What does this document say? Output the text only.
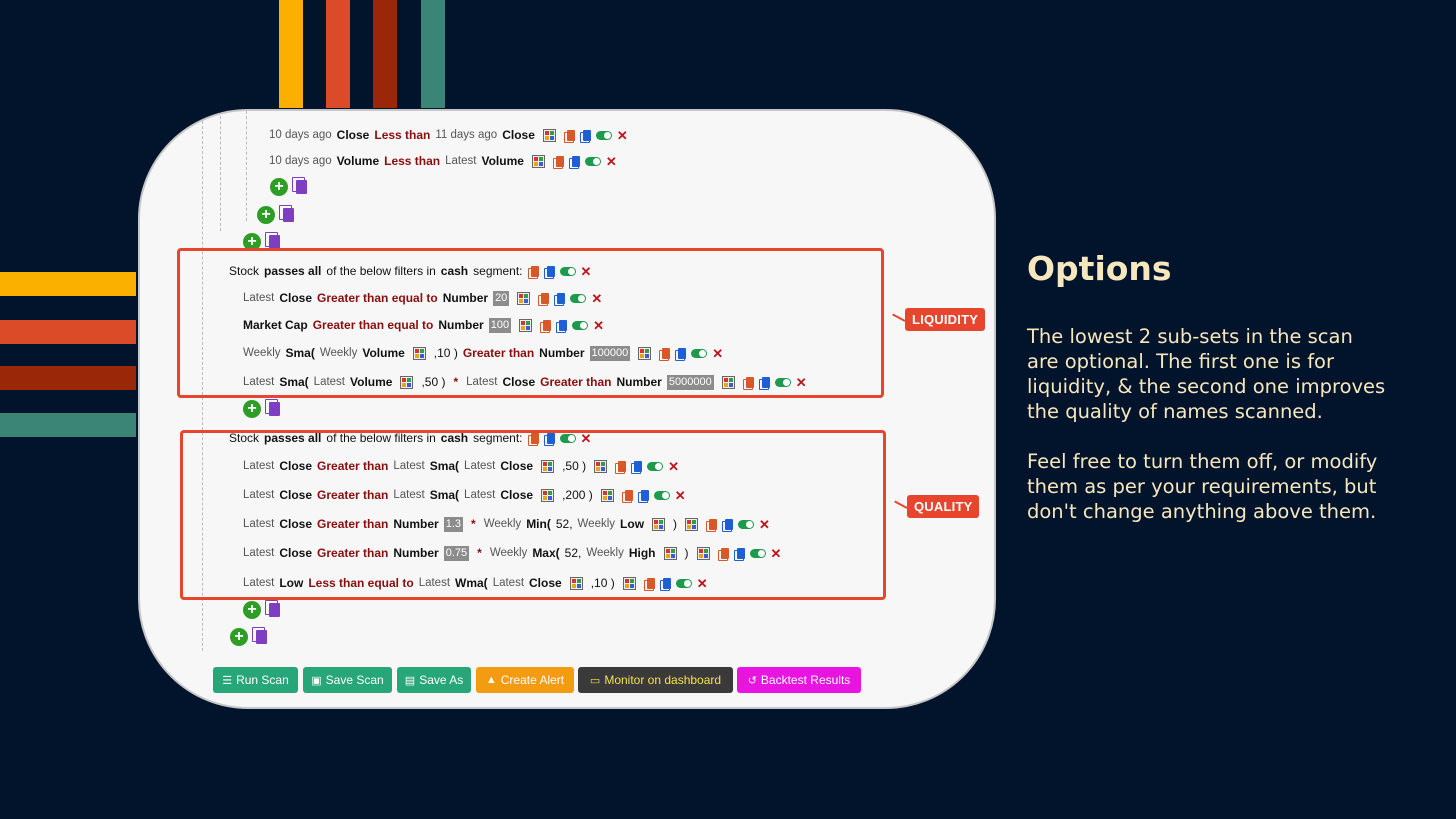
10 days ago Close Less than 11 days ago Close	✕
10 days ago Volume Less than Latest Volume	✕
+
+
+
Stock passes all of the below filters in cash segment:	✕
Latest Close Greater than equal to Number 20	✕
Market Cap Greater than equal to Number 100	✕
Weekly Sma( Weekly Volume ,10 ) Greater than Number 100000	✕
Latest Sma( Latest Volume ,50 ) * Latest Close Greater than Number 5000000	✕
+
Stock passes all of the below filters in cash segment:	✕
Latest Close Greater than Latest Sma( Latest Close ,50 )	✕
Latest Close Greater than Latest Sma( Latest Close ,200 )	✕
Latest Close Greater than Number 1.3 * Weekly Min( 52, Weekly Low )	✕
Latest Close Greater than Number 0.75 * Weekly Max( 52, Weekly High )	✕
Latest Low Less than equal to Latest Wma( Latest Close ,10 )	✕
+
+
☰ Run Scan ▣ Save Scan ▤ Save As ▲ Create Alert ▭ Monitor on dashboard ↺ Backtest Results
LIQUIDITY
QUALITY
Options
The lowest 2 sub-sets in the scan are optional. The first one is for liquidity, & the second one improves the quality of names scanned.
Feel free to turn them off, or modify them as per your requirements, but don't change anything above them.
